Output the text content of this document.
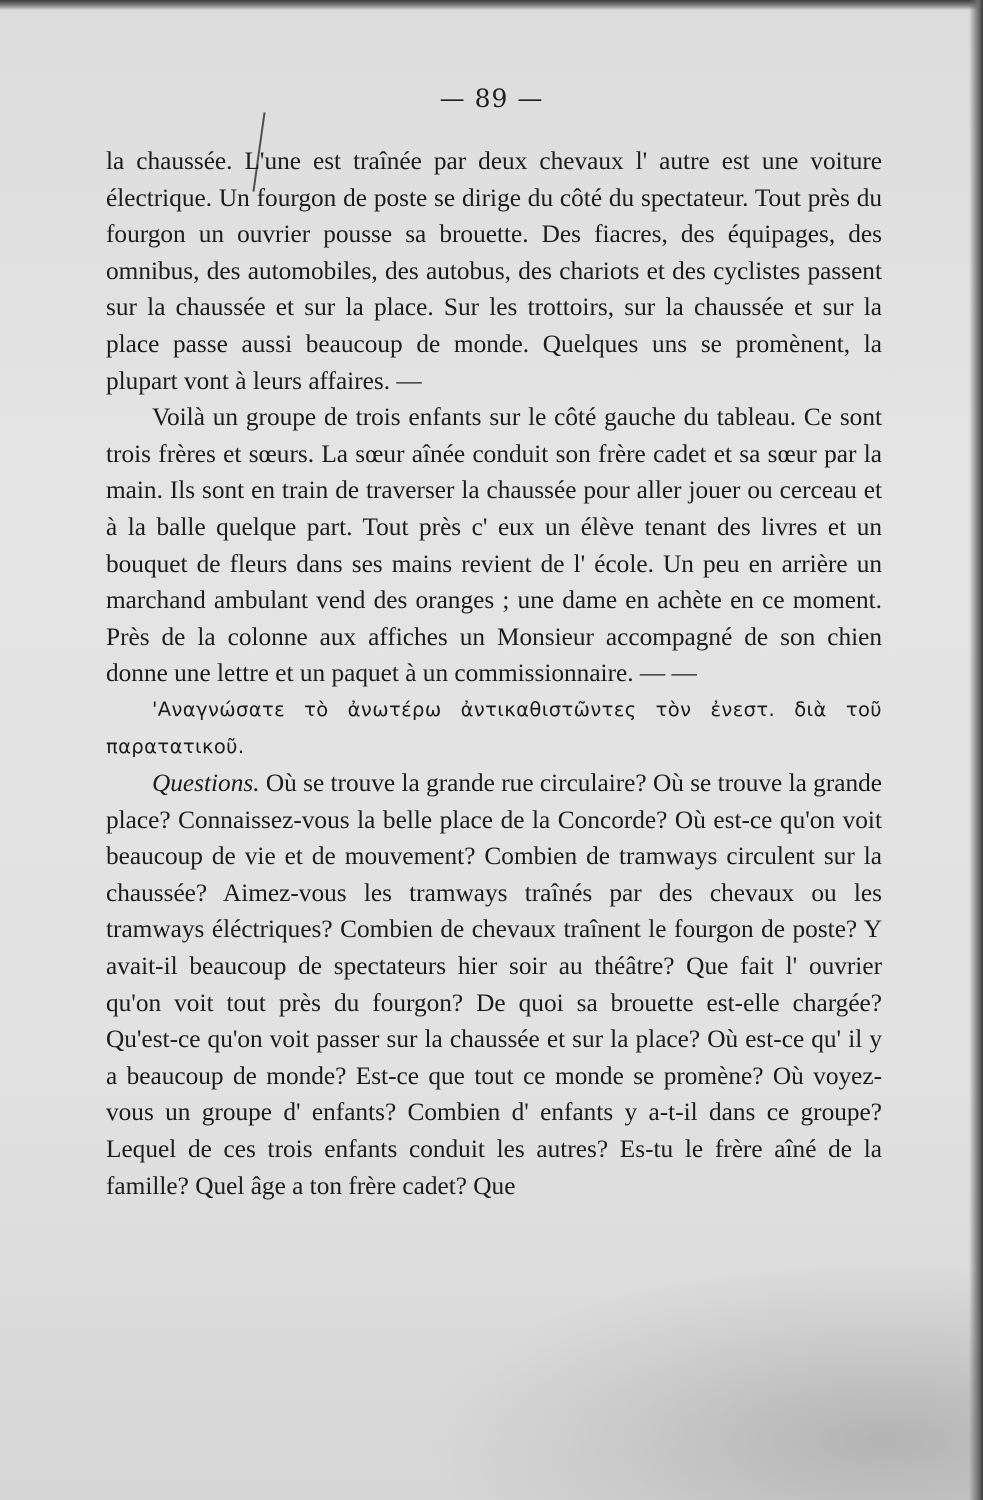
— 89 —

la chaussée. L'une est traînée par deux chevaux l' autre est une voiture électrique. Un fourgon de poste se dirige du côté du spectateur. Tout près du fourgon un ouvrier pousse sa brouette. Des fiacres, des équipages, des omnibus, des automobiles, des autobus, des chariots et des cyclistes passent sur la chaussée et sur la place. Sur les trottoirs, sur la chaussée et sur la place passe aussi beaucoup de monde. Quelques uns se promènent, la plupart vont à leurs affaires. —

Voilà un groupe de trois enfants sur le côté gauche du tableau. Ce sont trois frères et sœurs. La sœur aînée conduit son frère cadet et sa sœur par la main. Ils sont en train de traverser la chaussée pour aller jouer ou cerceau et à la balle quelque part. Tout près c' eux un élève tenant des livres et un bouquet de fleurs dans ses mains revient de l' école. Un peu en arrière un marchand ambulant vend des oranges ; une dame en achète en ce moment. Près de la colonne aux affiches un Monsieur accompagné de son chien donne une lettre et un paquet à un commissionnaire. — —

'Αναγνώσατε τὸ ἀνωτέρω ἀντικαθιστῶντες τὸν ἐνεστ. διὰ τοῦ παρατατικοῦ.

Questions. Où se trouve la grande rue circulaire? Où se trouve la grande place? Connaissez-vous la belle place de la Concorde? Où est-ce qu'on voit beaucoup de vie et de mouvement? Combien de tramways circulent sur la chaussée? Aimez-vous les tramways traînés par des chevaux ou les tramways éléctriques? Combien de chevaux traînent le fourgon de poste? Y avait-il beaucoup de spectateurs hier soir au théâtre? Que fait l' ouvrier qu'on voit tout près du fourgon? De quoi sa brouette est-elle chargée? Qu'est-ce qu'on voit passer sur la chaussée et sur la place? Où est-ce qu' il y a beaucoup de monde? Est-ce que tout ce monde se promène? Où voyez-vous un groupe d' enfants? Combien d' enfants y a-t-il dans ce groupe? Lequel de ces trois enfants conduit les autres? Es-tu le frère aîné de la famille? Quel âge a ton frère cadet? Que
